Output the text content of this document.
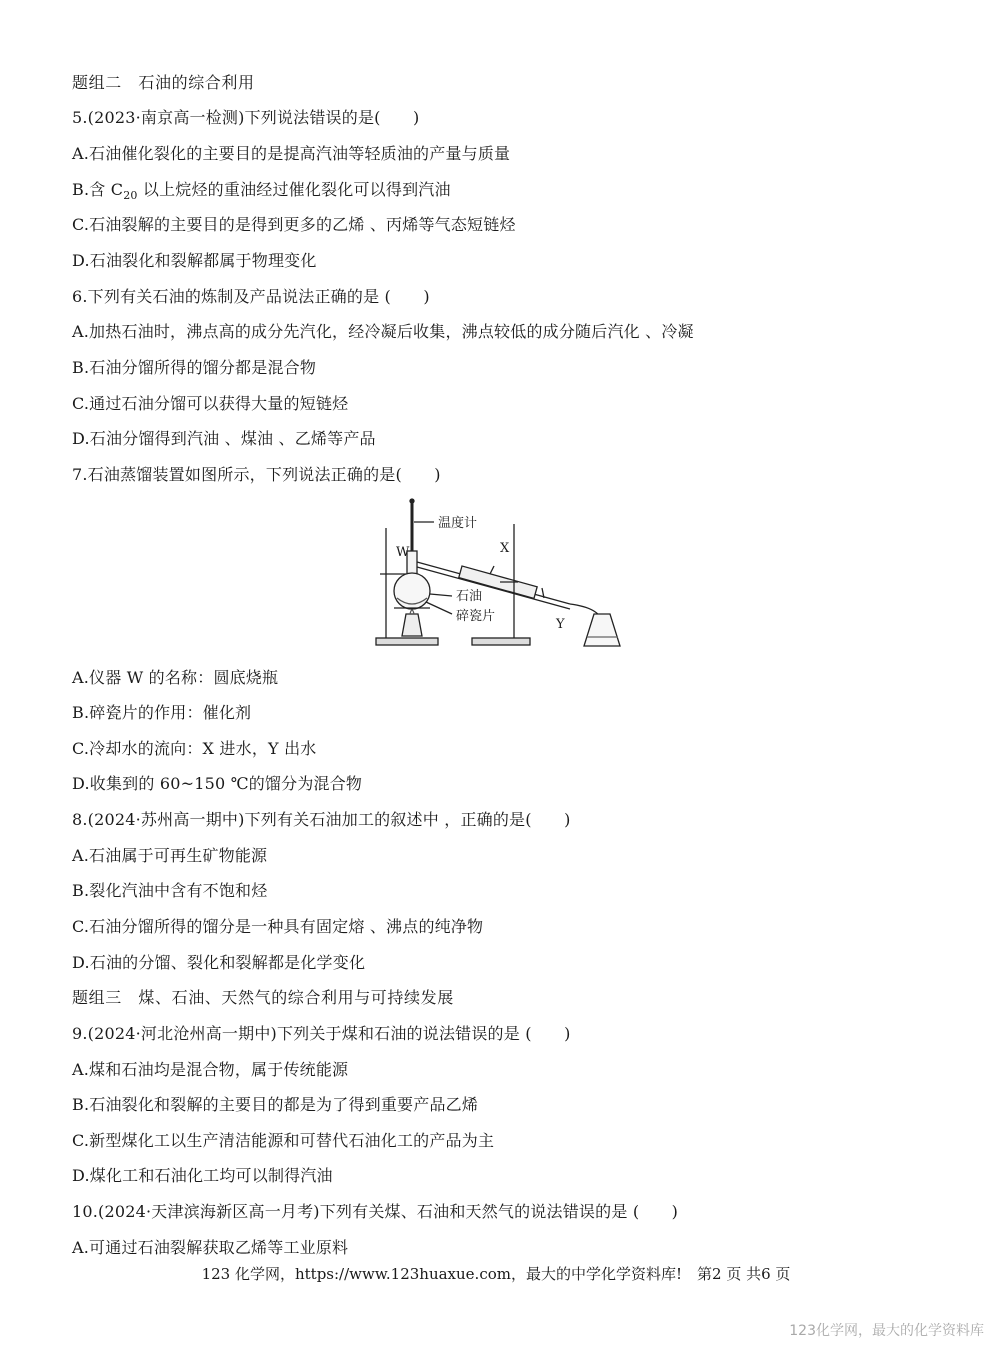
题组二　石油的综合利用
5.(2023·南京高一检测)下列说法错误的是(　　)
A.石油催化裂化的主要目的是提高汽油等轻质油的产量与质量
B.含 $C_{20}$ 以上烷烃的重油经过催化裂化可以得到汽油
C.石油裂解的主要目的是得到更多的乙烯 、丙烯等气态短链烃
D.石油裂化和裂解都属于物理变化
6.下列有关石油的炼制及产品说法正确的是 (　　)
A.加热石油时，沸点高的成分先汽化，经冷凝后收集，沸点较低的成分随后汽化 、冷凝
B.石油分馏所得的馏分都是混合物
C.通过石油分馏可以获得大量的短链烃
D.石油分馏得到汽油 、煤油 、乙烯等产品
7.石油蒸馏装置如图所示，下列说法正确的是(　　)
温度计
W	X
Y
石油
碎瓷片
A.仪器 W 的名称：圆底烧瓶
B.碎瓷片的作用：催化剂
C.冷却水的流向：X 进水，Y 出水
D.收集到的 60~150 ℃的馏分为混合物
8.(2024·苏州高一期中)下列有关石油加工的叙述中 ，正确的是(　　)
A.石油属于可再生矿物能源
B.裂化汽油中含有不饱和烃
C.石油分馏所得的馏分是一种具有固定熔 、沸点的纯净物
D.石油的分馏、裂化和裂解都是化学变化
题组三　煤、石油、天然气的综合利用与可持续发展
9.(2024·河北沧州高一期中)下列关于煤和石油的说法错误的是 (　　)
A.煤和石油均是混合物，属于传统能源
B.石油裂化和裂解的主要目的都是为了得到重要产品乙烯
C.新型煤化工以生产清洁能源和可替代石油化工的产品为主
D.煤化工和石油化工均可以制得汽油
10.(2024·天津滨海新区高一月考)下列有关煤、石油和天然气的说法错误的是 (　　)
A.可通过石油裂解获取乙烯等工业原料
123 化学网，https://www.123huaxue.com，最大的中学化学资料库!　第2 页 共6 页
123化学网，最大的化学资料库
